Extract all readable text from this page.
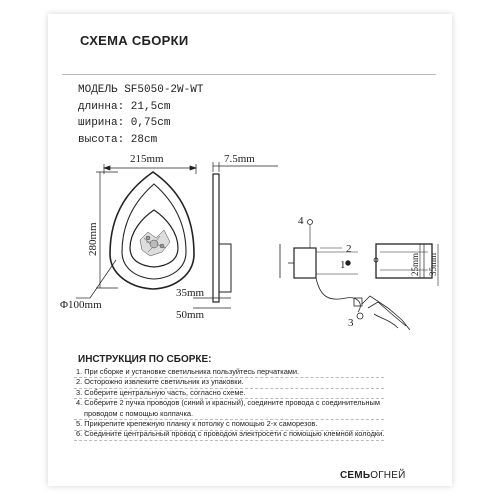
СХЕМА СБОРКИ
МОДЕЛЬ SF5050-2W-WT
длинна: 21,5cm
ширина: 0,75cm
высота: 28cm
215mm
280mm
Φ100mm
7.5mm
35mm
50mm
25mm 35mm
4
2
1
3
ИНСТРУКЦИЯ ПО СБОРКЕ:
1. При сборке и установке светильника пользуйтесь перчатками.
2. Осторожно извлеките светильник из упаковки.
3. Соберите центральную часть, согласно схеме.
4. Соберите 2 пучка проводов (синий и красный), соедините провода с соединительным
проводом с помощью колпачка.
5. Прикрепите крепежную планку к потолку с помощью 2-х саморезов.
6. Соедините центральный провод с проводом электросети с помощью клемной колодки.
СЕМЬОГНЕЙ
